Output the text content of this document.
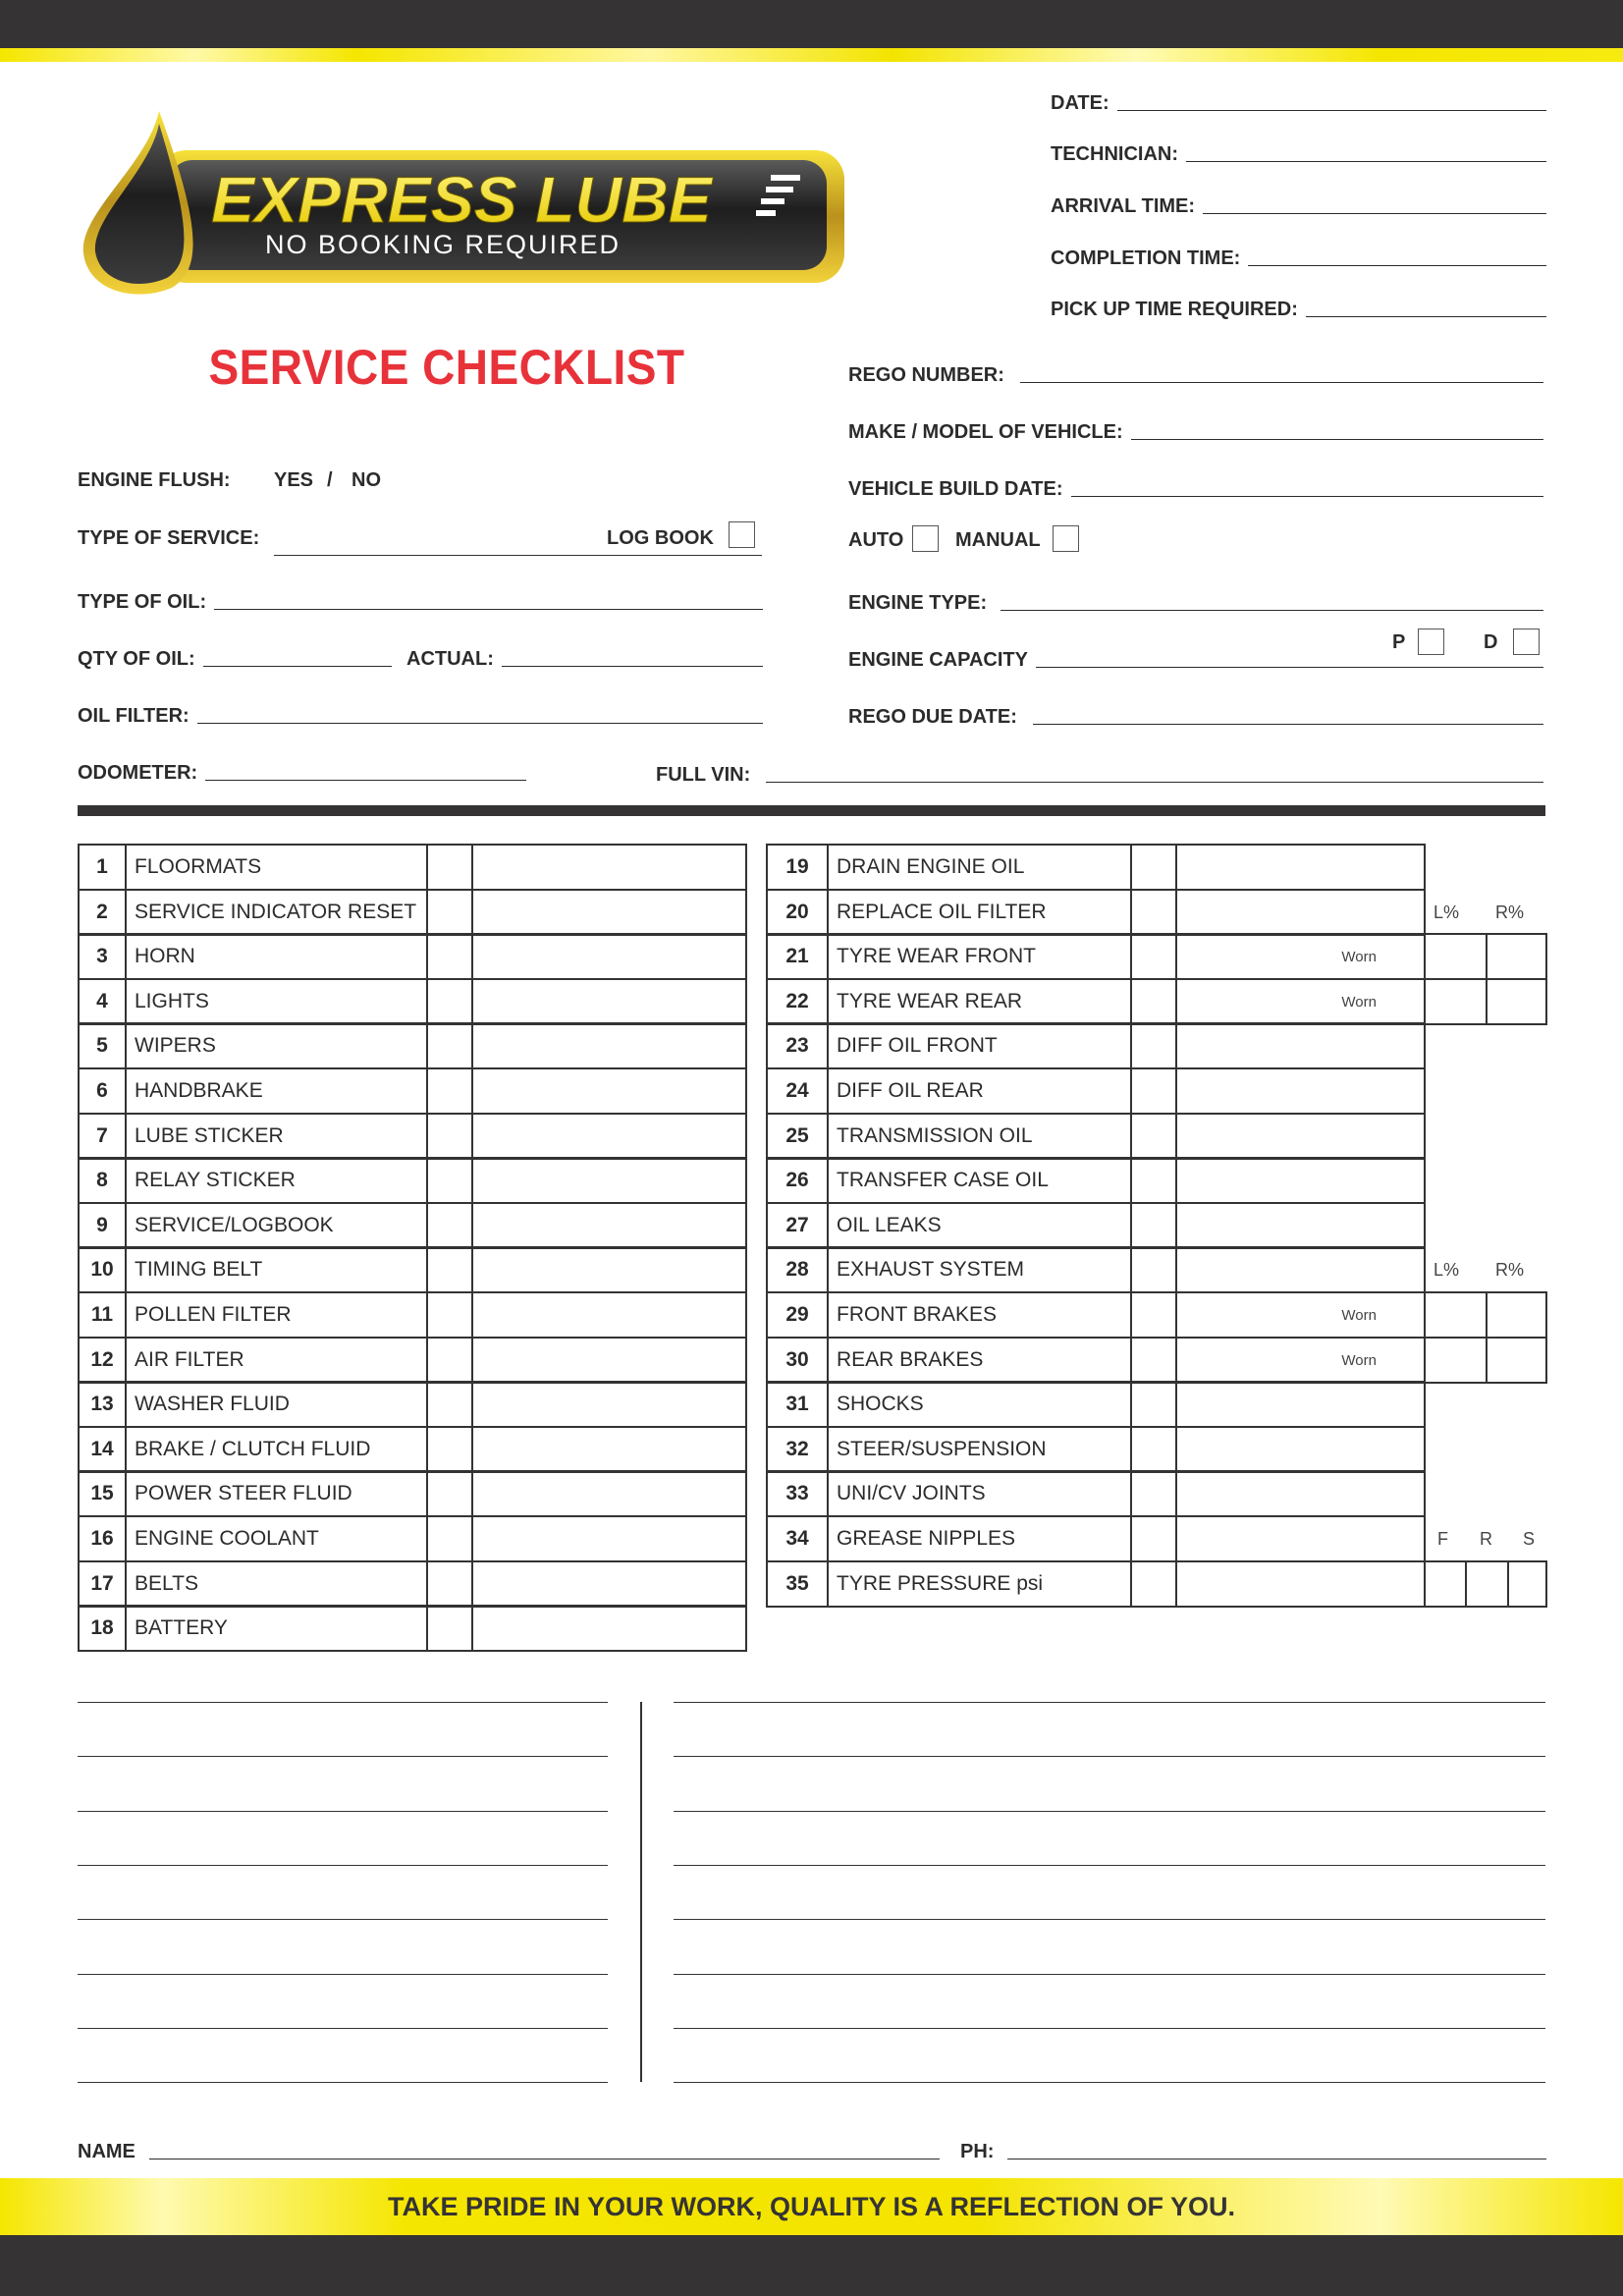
EXPRESS LUBE
NO BOOKING REQUIRED
SERVICE CHECKLIST
DATE:
TECHNICIAN:
ARRIVAL TIME:
COMPLETION TIME:
PICK UP TIME REQUIRED:
ENGINE FLUSH: YES / NO
TYPE OF SERVICE:	LOG BOOK
TYPE OF OIL:
QTY OF OIL:	ACTUAL:
OIL FILTER:
ODOMETER:	FULL VIN:
REGO NUMBER:
MAKE / MODEL OF VEHICLE:
VEHICLE BUILD DATE:
AUTO	MANUAL
ENGINE TYPE:
ENGINE CAPACITY
P	D
REGO DUE DATE:
1 FLOORMATS
2 SERVICE INDICATOR RESET
3 HORN
4 LIGHTS
5 WIPERS
6 HANDBRAKE
7 LUBE STICKER
8 RELAY STICKER
9 SERVICE/LOGBOOK
10 TIMING BELT
11 POLLEN FILTER
12 AIR FILTER
13 WASHER FLUID
14 BRAKE / CLUTCH FLUID
15 POWER STEER FLUID
16 ENGINE COOLANT
17 BELTS
18 BATTERY
19 DRAIN ENGINE OIL
20 REPLACE OIL FILTER	L% R%
21 TYRE WEAR FRONT	Worn
22 TYRE WEAR REAR	Worn
23 DIFF OIL FRONT
24 DIFF OIL REAR
25 TRANSMISSION OIL
26 TRANSFER CASE OIL
27 OIL LEAKS
28 EXHAUST SYSTEM	L% R%
29 FRONT BRAKES	Worn
30 REAR BRAKES	Worn
31 SHOCKS
32 STEER/SUSPENSION
33 UNI/CV JOINTS
34 GREASE NIPPLES	F R S
35 TYRE PRESSURE psi
NAME	PH:
TAKE PRIDE IN YOUR WORK, QUALITY IS A REFLECTION OF YOU.
